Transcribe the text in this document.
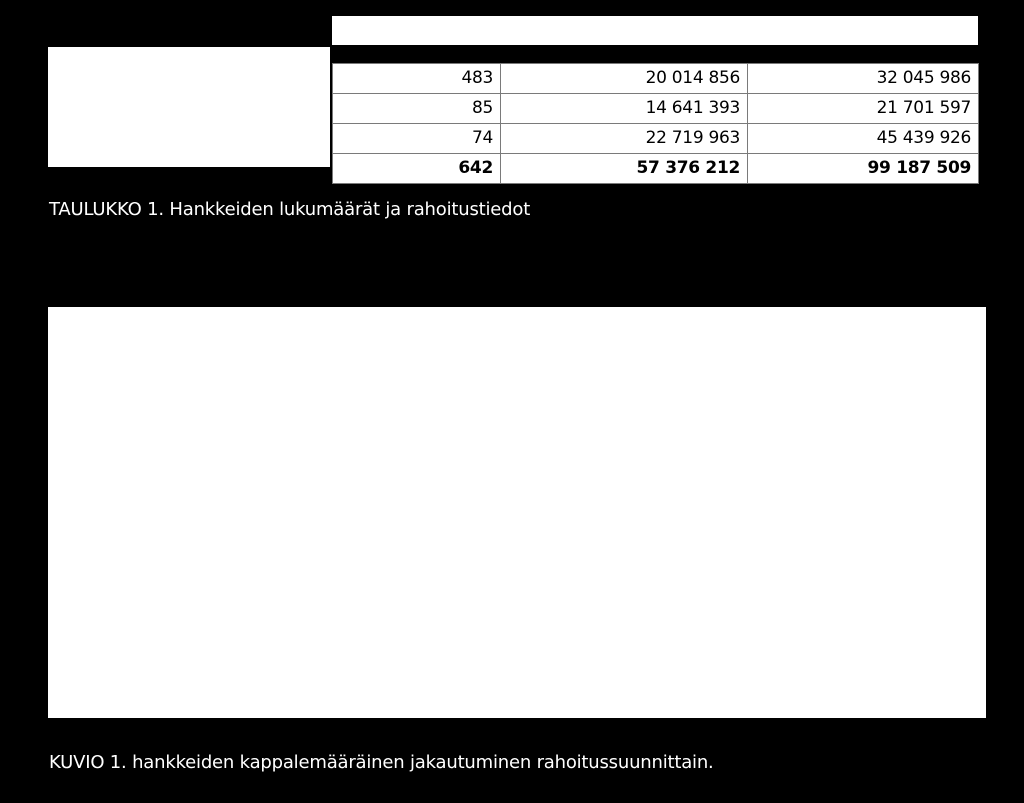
483	20 014 856	32 045 986
85	14 641 393	21 701 597
74	22 719 963	45 439 926
642	57 376 212	99 187 509
TAULUKKO 1. Hankkeiden lukumäärät ja rahoitustiedot
KUVIO 1. hankkeiden kappalemääräinen jakautuminen rahoitussuunnittain.
